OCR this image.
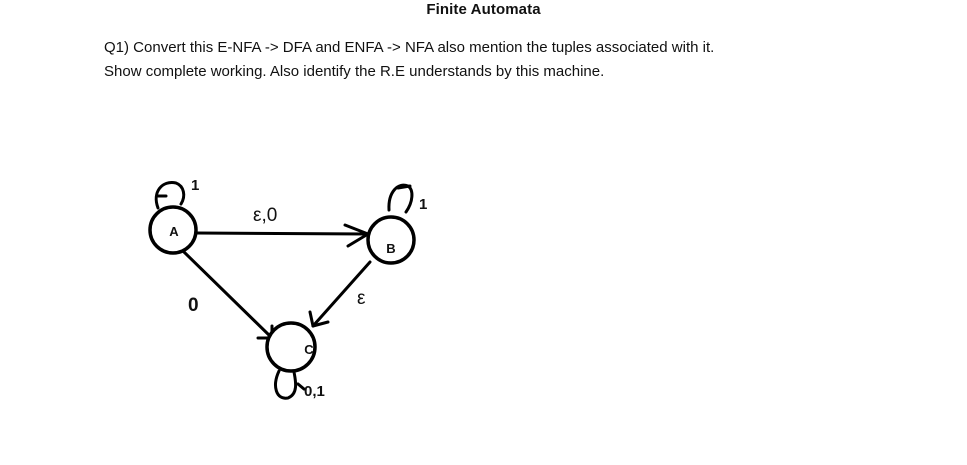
Finite Automata

Q1) Convert this E-NFA -> DFA and ENFA -> NFA also mention the tuples associated with it.

Show complete working. Also identify the R.E understands by this machine.

A
B
C
1
ε,0
0
1
ε
0,1
